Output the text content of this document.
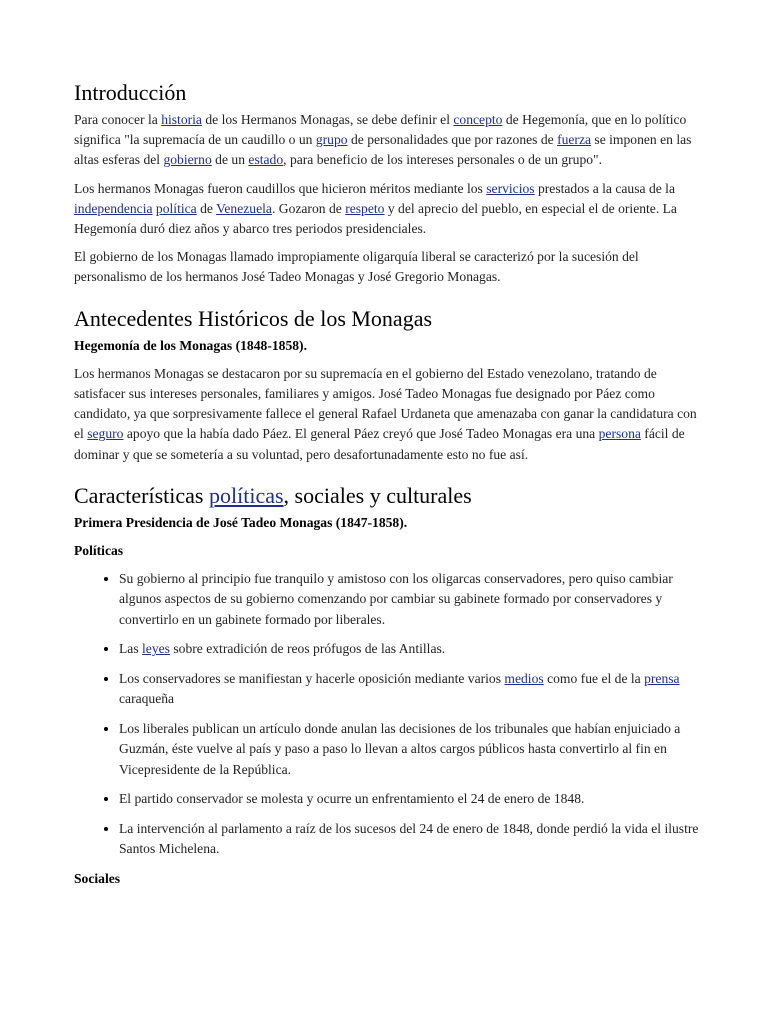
Introducción

Para conocer la historia de los Hermanos Monagas, se debe definir el concepto de Hegemonía, que en lo político significa "la supremacía de un caudillo o un grupo de personalidades que por razones de fuerza se imponen en las altas esferas del gobierno de un estado, para beneficio de los intereses personales o de un grupo".

Los hermanos Monagas fueron caudillos que hicieron méritos mediante los servicios prestados a la causa de la independencia política de Venezuela. Gozaron de respeto y del aprecio del pueblo, en especial el de oriente. La Hegemonía duró diez años y abarco tres periodos presidenciales.

El gobierno de los Monagas llamado impropiamente oligarquía liberal se caracterizó por la sucesión del personalismo de los hermanos José Tadeo Monagas y José Gregorio Monagas.

Antecedentes Históricos de los Monagas

Hegemonía de los Monagas (1848-1858).

Los hermanos Monagas se destacaron por su supremacía en el gobierno del Estado venezolano, tratando de satisfacer sus intereses personales, familiares y amigos. José Tadeo Monagas fue designado por Páez como candidato, ya que sorpresivamente fallece el general Rafael Urdaneta que amenazaba con ganar la candidatura con el seguro apoyo que la había dado Páez. El general Páez creyó que José Tadeo Monagas era una persona fácil de dominar y que se sometería a su voluntad, pero desafortunadamente esto no fue así.

Características políticas, sociales y culturales

Primera Presidencia de José Tadeo Monagas (1847-1858).

Políticas

• Su gobierno al principio fue tranquilo y amistoso con los oligarcas conservadores, pero quiso cambiar algunos aspectos de su gobierno comenzando por cambiar su gabinete formado por conservadores y convertirlo en un gabinete formado por liberales.
• Las leyes sobre extradición de reos prófugos de las Antillas.
• Los conservadores se manifiestan y hacerle oposición mediante varios medios como fue el de la prensa caraqueña
• Los liberales publican un artículo donde anulan las decisiones de los tribunales que habían enjuiciado a Guzmán, éste vuelve al país y paso a paso lo llevan a altos cargos públicos hasta convertirlo al fin en Vicepresidente de la República.
• El partido conservador se molesta y ocurre un enfrentamiento el 24 de enero de 1848.
• La intervención al parlamento a raíz de los sucesos del 24 de enero de 1848, donde perdió la vida el ilustre Santos Michelena.

Sociales
